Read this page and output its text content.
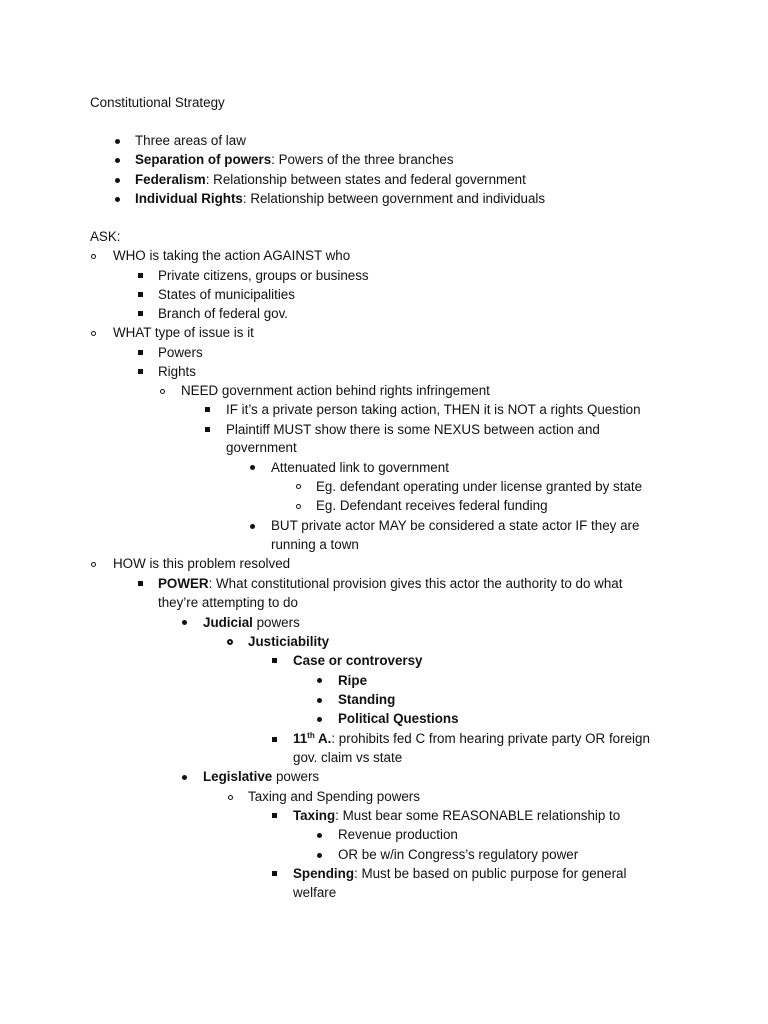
Constitutional Strategy
Three areas of law
Separation of powers: Powers of the three branches
Federalism: Relationship between states and federal government
Individual Rights: Relationship between government and individuals
ASK:
WHO is taking the action AGAINST who
Private citizens, groups or business
States of municipalities
Branch of federal gov.
WHAT type of issue is it
Powers
Rights
NEED government action behind rights infringement
IF it’s a private person taking action, THEN it is NOT a rights Question
Plaintiff MUST show there is some NEXUS between action and
government
Attenuated link to government
Eg. defendant operating under license granted by state
Eg. Defendant receives federal funding
BUT private actor MAY be considered a state actor IF they are
running a town
HOW is this problem resolved
POWER: What constitutional provision gives this actor the authority to do what
they’re attempting to do
Judicial powers
Justiciability
Case or controversy
Ripe
Standing
Political Questions
11th A.: prohibits fed C from hearing private party OR foreign
gov. claim vs state
Legislative powers
Taxing and Spending powers
Taxing: Must bear some REASONABLE relationship to
Revenue production
OR be w/in Congress’s regulatory power
Spending: Must be based on public purpose for general
welfare
